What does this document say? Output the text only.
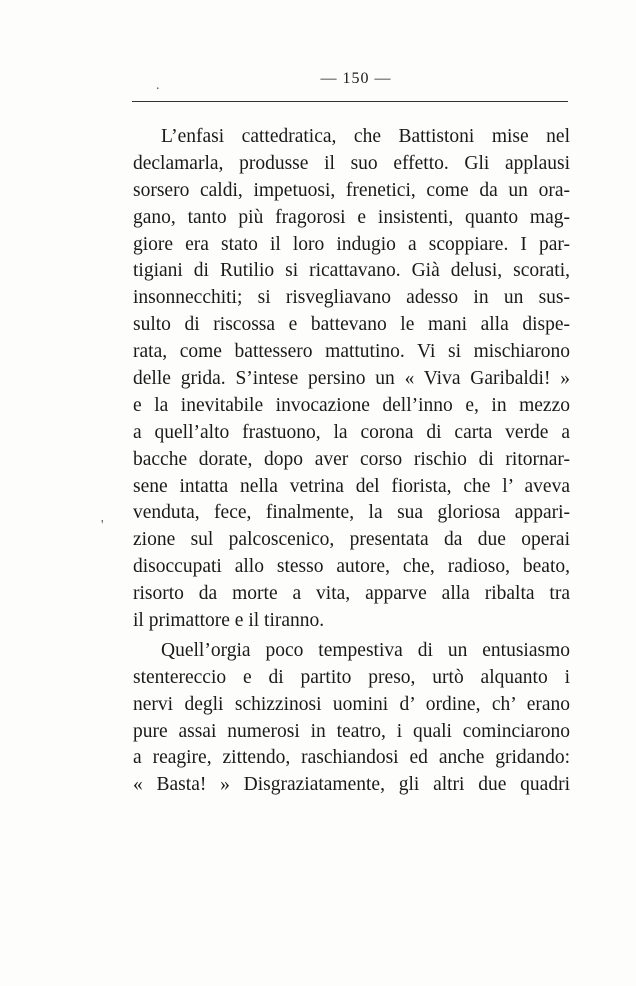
.
'
— 150 —
L’enfasi cattedratica, che Battistoni mise nel
declamarla, produsse il suo effetto. Gli applausi
sorsero caldi, impetuosi, frenetici, come da un ora-
gano, tanto più fragorosi e insistenti, quanto mag-
giore era stato il loro indugio a scoppiare. I par-
tigiani di Rutilio si ricattavano. Già delusi, scorati,
insonnecchiti; si risvegliavano adesso in un sus-
sulto di riscossa e battevano le mani alla dispe-
rata, come battessero mattutino. Vi si mischiarono
delle grida. S’intese persino un « Viva Garibaldi! »
e la inevitabile invocazione dell’inno e, in mezzo
a quell’alto frastuono, la corona di carta verde a
bacche dorate, dopo aver corso rischio di ritornar-
sene intatta nella vetrina del fiorista, che l’ aveva
venduta, fece, finalmente, la sua gloriosa appari-
zione sul palcoscenico, presentata da due operai
disoccupati allo stesso autore, che, radioso, beato,
risorto da morte a vita, apparve alla ribalta tra
il primattore e il tiranno.
Quell’orgia poco tempestiva di un entusiasmo
stentereccio e di partito preso, urtò alquanto i
nervi degli schizzinosi uomini d’ ordine, ch’ erano
pure assai numerosi in teatro, i quali cominciarono
a reagire, zittendo, raschiandosi ed anche gridando:
« Basta! » Disgraziatamente, gli altri due quadri
